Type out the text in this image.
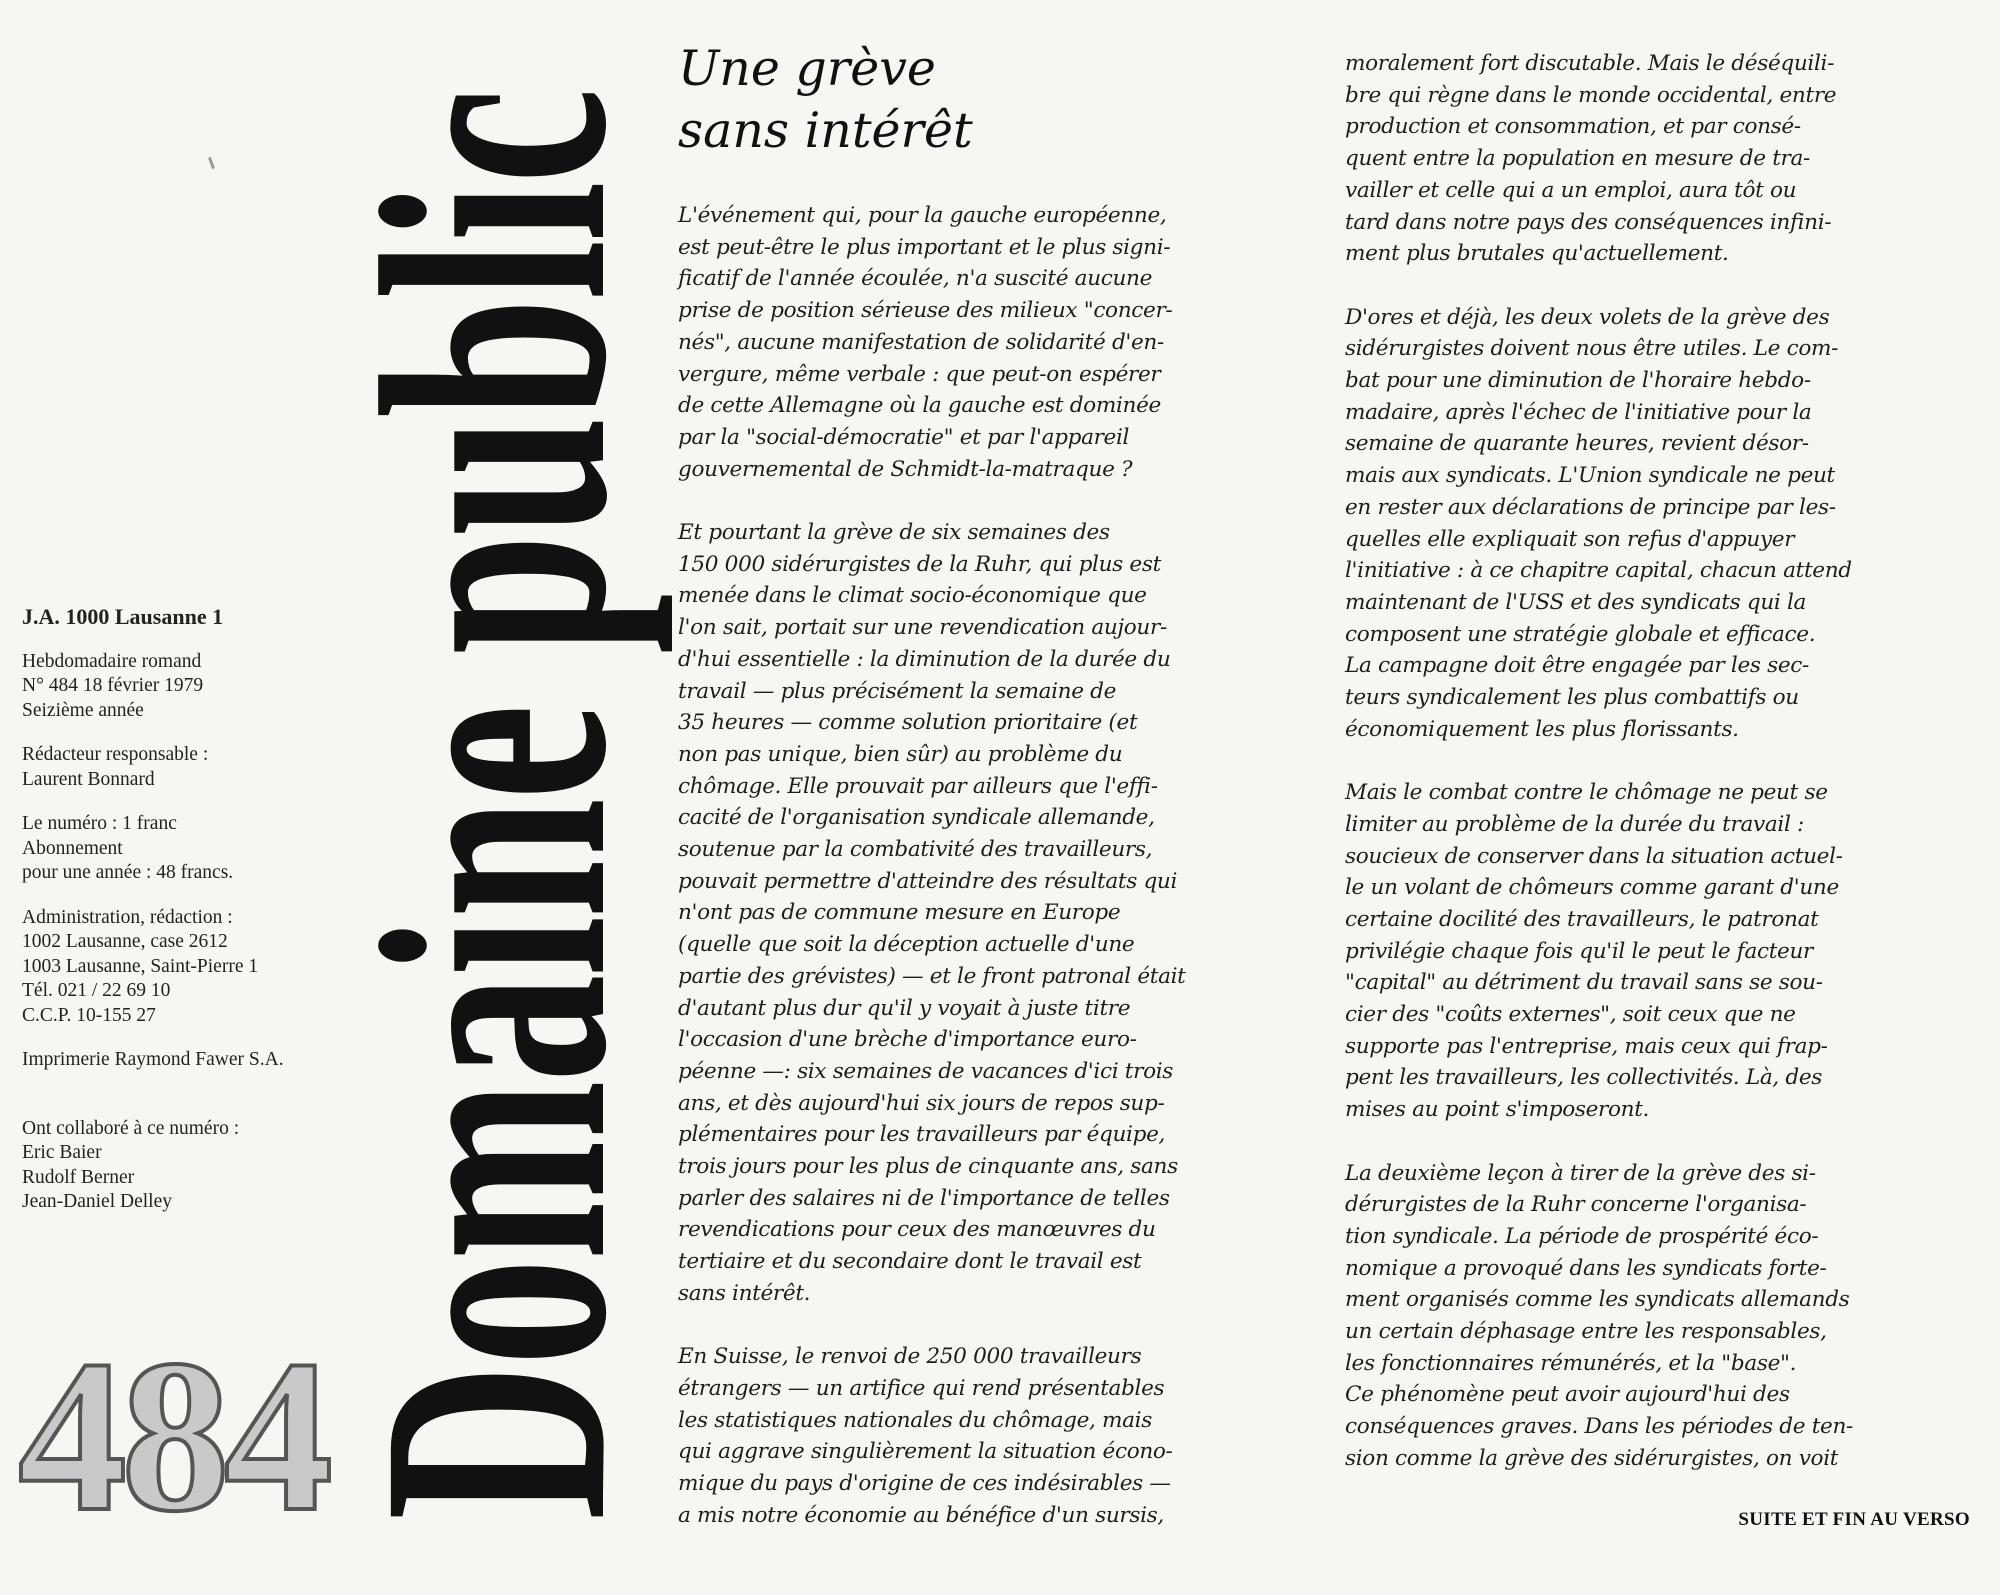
J.A. 1000 Lausanne 1
Hebdomadaire romand
N° 484 18 février 1979
Seizième année
Rédacteur responsable :
Laurent Bonnard
Le numéro : 1 franc
Abonnement
pour une année : 48 francs.
Administration, rédaction :
1002 Lausanne, case 2612
1003 Lausanne, Saint-Pierre 1
Tél. 021 / 22 69 10
C.C.P. 10-155 27
Imprimerie Raymond Fawer S.A.
Ont collaboré à ce numéro :
Eric Baier
Rudolf Berner
Jean-Daniel Delley
484
Domaine public
Une grève
sans intérêt

L'événement qui, pour la gauche européenne,
est peut-être le plus important et le plus signi-
ficatif de l'année écoulée, n'a suscité aucune
prise de position sérieuse des milieux "concer-
nés", aucune manifestation de solidarité d'en-
vergure, même verbale : que peut-on espérer
de cette Allemagne où la gauche est dominée
par la "social-démocratie" et par l'appareil
gouvernemental de Schmidt-la-matraque ?

Et pourtant la grève de six semaines des
150 000 sidérurgistes de la Ruhr, qui plus est
menée dans le climat socio-économique que
l'on sait, portait sur une revendication aujour-
d'hui essentielle : la diminution de la durée du
travail — plus précisément la semaine de
35 heures — comme solution prioritaire (et
non pas unique, bien sûr) au problème du
chômage. Elle prouvait par ailleurs que l'effi-
cacité de l'organisation syndicale allemande,
soutenue par la combativité des travailleurs,
pouvait permettre d'atteindre des résultats qui
n'ont pas de commune mesure en Europe
(quelle que soit la déception actuelle d'une
partie des grévistes) — et le front patronal était
d'autant plus dur qu'il y voyait à juste titre
l'occasion d'une brèche d'importance euro-
péenne —: six semaines de vacances d'ici trois
ans, et dès aujourd'hui six jours de repos sup-
plémentaires pour les travailleurs par équipe,
trois jours pour les plus de cinquante ans, sans
parler des salaires ni de l'importance de telles
revendications pour ceux des manœuvres du
tertiaire et du secondaire dont le travail est
sans intérêt.

En Suisse, le renvoi de 250 000 travailleurs
étrangers — un artifice qui rend présentables
les statistiques nationales du chômage, mais
qui aggrave singulièrement la situation écono-
mique du pays d'origine de ces indésirables —
a mis notre économie au bénéfice d'un sursis,

moralement fort discutable. Mais le déséquili-
bre qui règne dans le monde occidental, entre
production et consommation, et par consé-
quent entre la population en mesure de tra-
vailler et celle qui a un emploi, aura tôt ou
tard dans notre pays des conséquences infini-
ment plus brutales qu'actuellement.

D'ores et déjà, les deux volets de la grève des
sidérurgistes doivent nous être utiles. Le com-
bat pour une diminution de l'horaire hebdo-
madaire, après l'échec de l'initiative pour la
semaine de quarante heures, revient désor-
mais aux syndicats. L'Union syndicale ne peut
en rester aux déclarations de principe par les-
quelles elle expliquait son refus d'appuyer
l'initiative : à ce chapitre capital, chacun attend
maintenant de l'USS et des syndicats qui la
composent une stratégie globale et efficace.

La campagne doit être engagée par les sec-
teurs syndicalement les plus combattifs ou
économiquement les plus florissants.

Mais le combat contre le chômage ne peut se
limiter au problème de la durée du travail :
soucieux de conserver dans la situation actuel-
le un volant de chômeurs comme garant d'une
certaine docilité des travailleurs, le patronat
privilégie chaque fois qu'il le peut le facteur
"capital" au détriment du travail sans se sou-
cier des "coûts externes", soit ceux que ne
supporte pas l'entreprise, mais ceux qui frap-
pent les travailleurs, les collectivités. Là, des
mises au point s'imposeront.

La deuxième leçon à tirer de la grève des si-
dérurgistes de la Ruhr concerne l'organisa-
tion syndicale. La période de prospérité éco-
nomique a provoqué dans les syndicats forte-
ment organisés comme les syndicats allemands
un certain déphasage entre les responsables,
les fonctionnaires rémunérés, et la "base".
Ce phénomène peut avoir aujourd'hui des
conséquences graves. Dans les périodes de ten-
sion comme la grève des sidérurgistes, on voit

SUITE ET FIN AU VERSO
